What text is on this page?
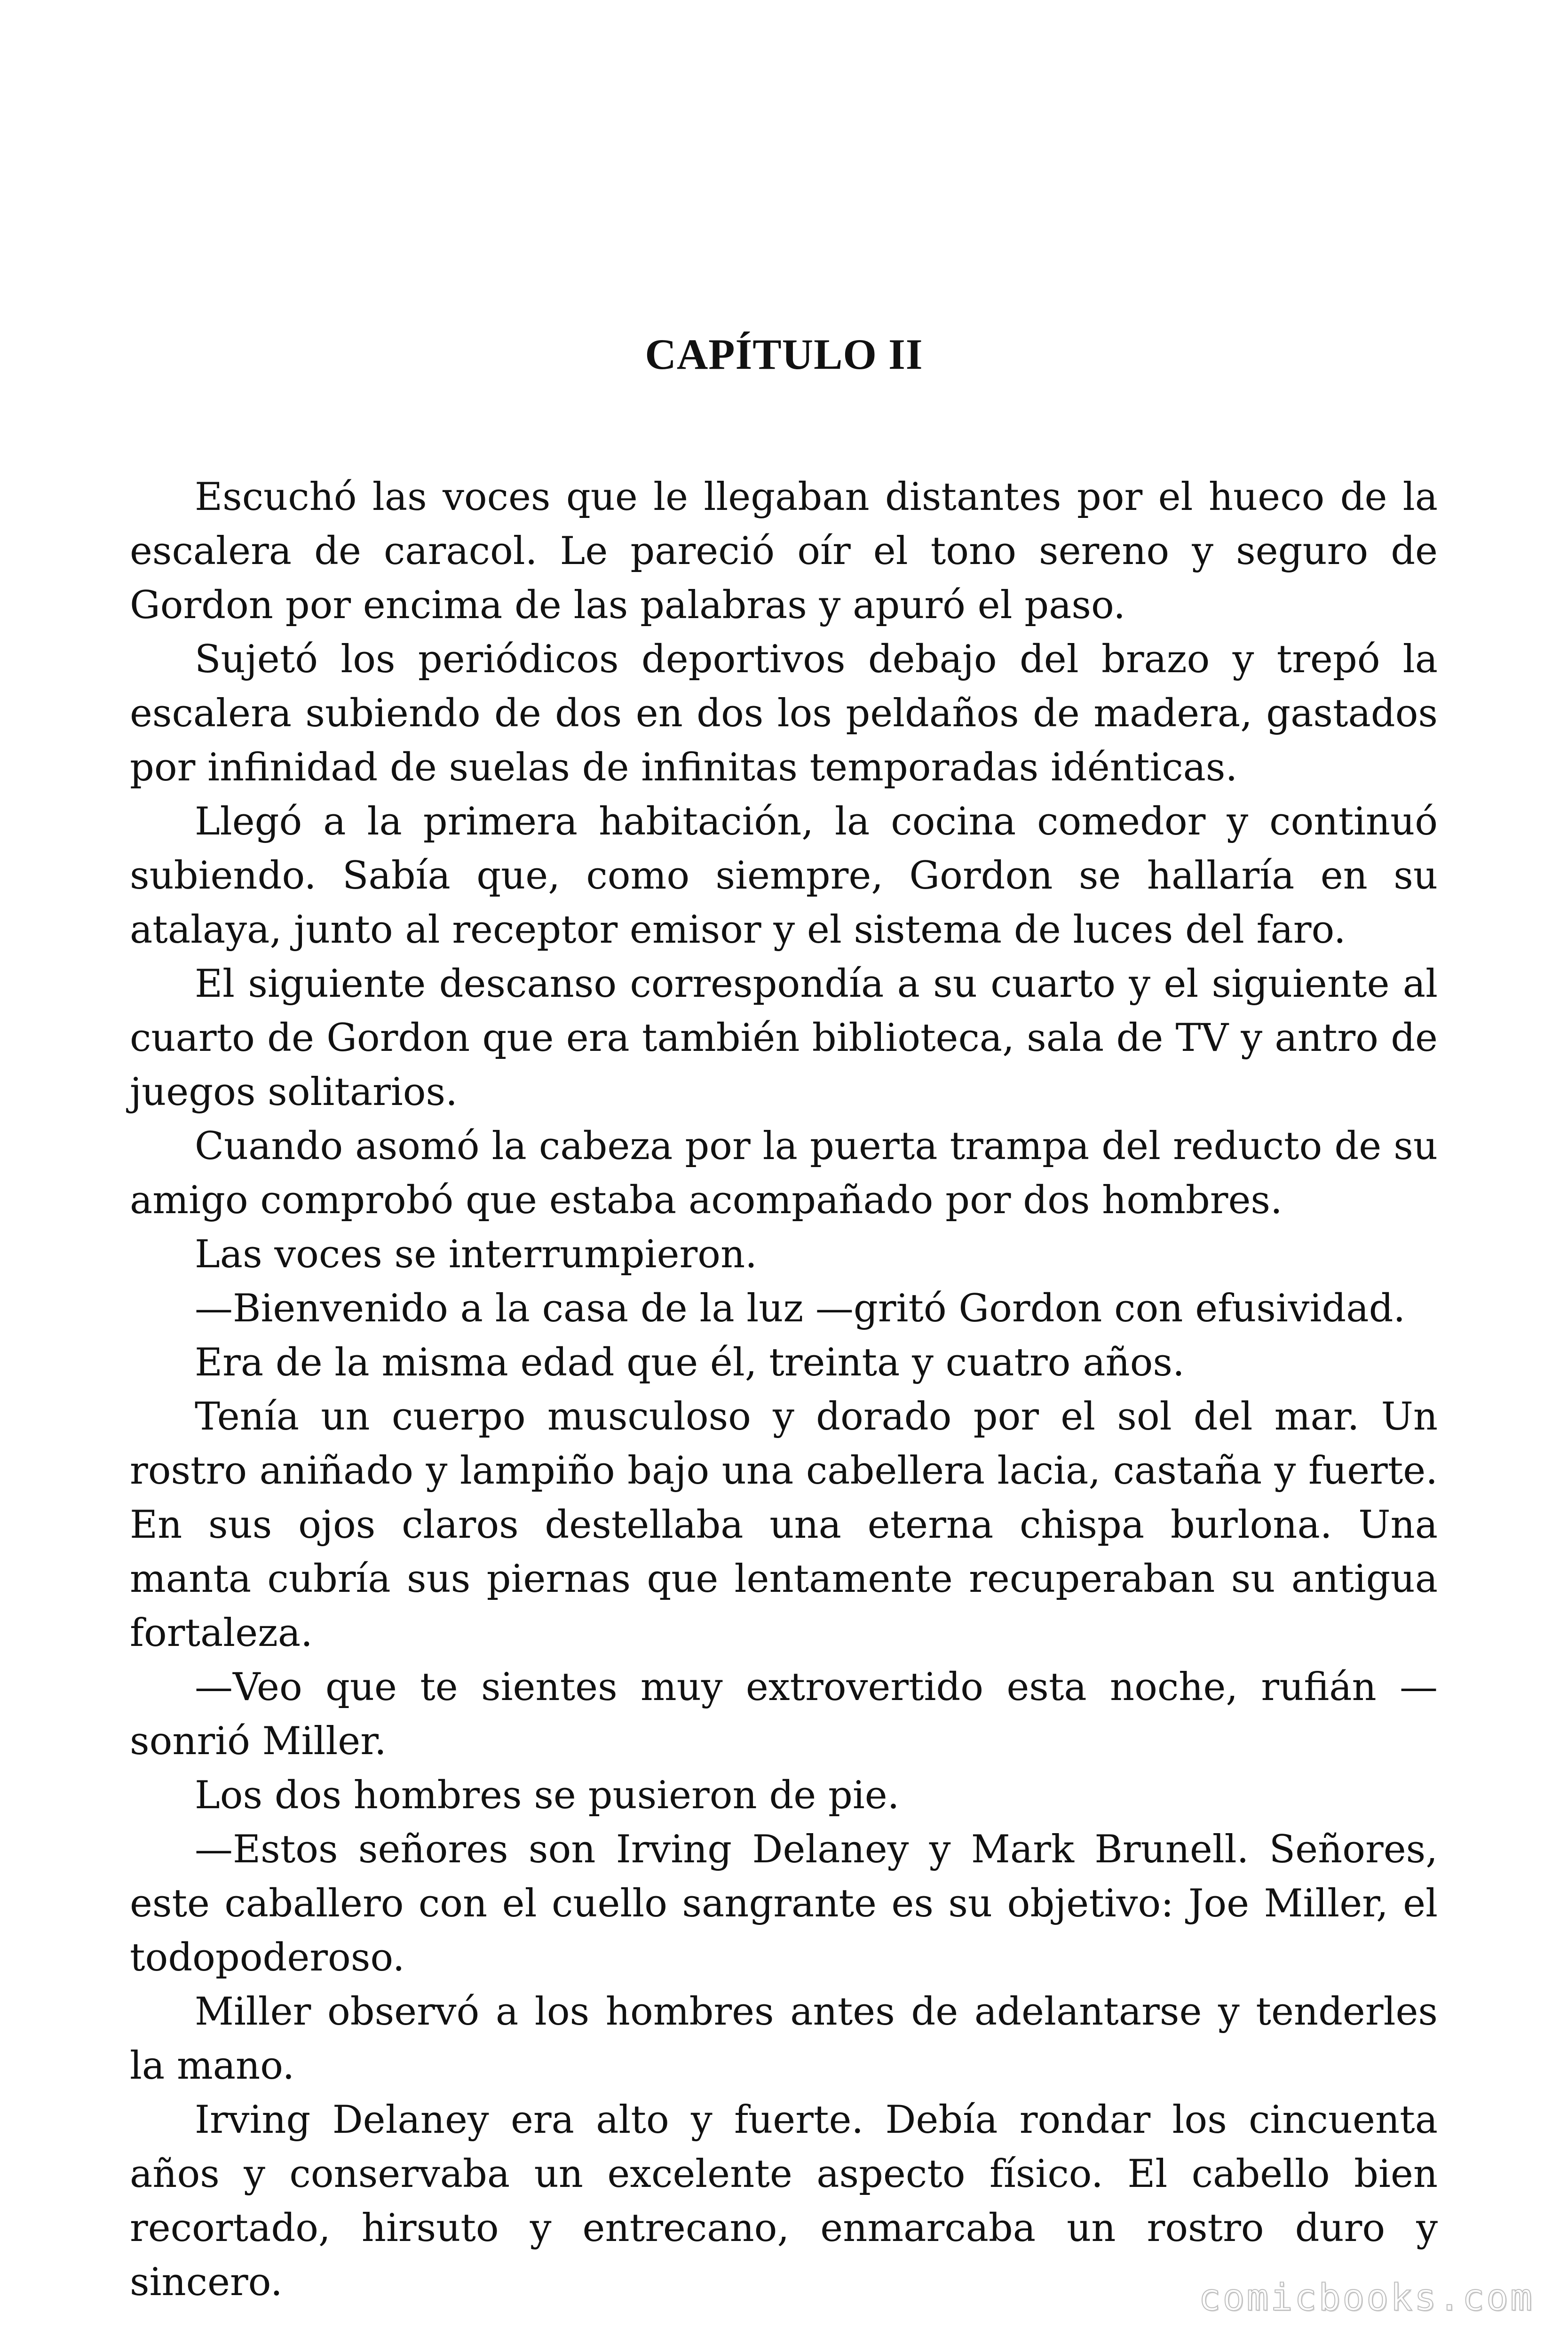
CAPÍTULO II

Escuchó las voces que le llegaban distantes por el hueco de la escalera de caracol. Le pareció oír el tono sereno y seguro de Gordon por encima de las palabras y apuró el paso.

Sujetó los periódicos deportivos debajo del brazo y trepó la escalera subiendo de dos en dos los peldaños de madera, gastados por infinidad de suelas de infinitas temporadas idénticas.

Llegó a la primera habitación, la cocina comedor y continuó subiendo. Sabía que, como siempre, Gordon se hallaría en su atalaya, junto al receptor emisor y el sistema de luces del faro.

El siguiente descanso correspondía a su cuarto y el siguiente al cuarto de Gordon que era también biblioteca, sala de TV y antro de juegos solitarios.

Cuando asomó la cabeza por la puerta trampa del reducto de su amigo comprobó que estaba acompañado por dos hombres.

Las voces se interrumpieron.

—Bienvenido a la casa de la luz —gritó Gordon con efusividad.

Era de la misma edad que él, treinta y cuatro años.

Tenía un cuerpo musculoso y dorado por el sol del mar. Un rostro aniñado y lampiño bajo una cabellera lacia, castaña y fuerte. En sus ojos claros destellaba una eterna chispa burlona. Una manta cubría sus piernas que lentamente recuperaban su antigua fortaleza.

—Veo que te sientes muy extrovertido esta noche, rufián —sonrió Miller.

Los dos hombres se pusieron de pie.

—Estos señores son Irving Delaney y Mark Brunell. Señores, este caballero con el cuello sangrante es su objetivo: Joe Miller, el todopoderoso.

Miller observó a los hombres antes de adelantarse y tenderles la mano.

Irving Delaney era alto y fuerte. Debía rondar los cincuenta años y conservaba un excelente aspecto físico. El cabello bien recortado, hirsuto y entrecano, enmarcaba un rostro duro y sincero.	comicbooks.com
